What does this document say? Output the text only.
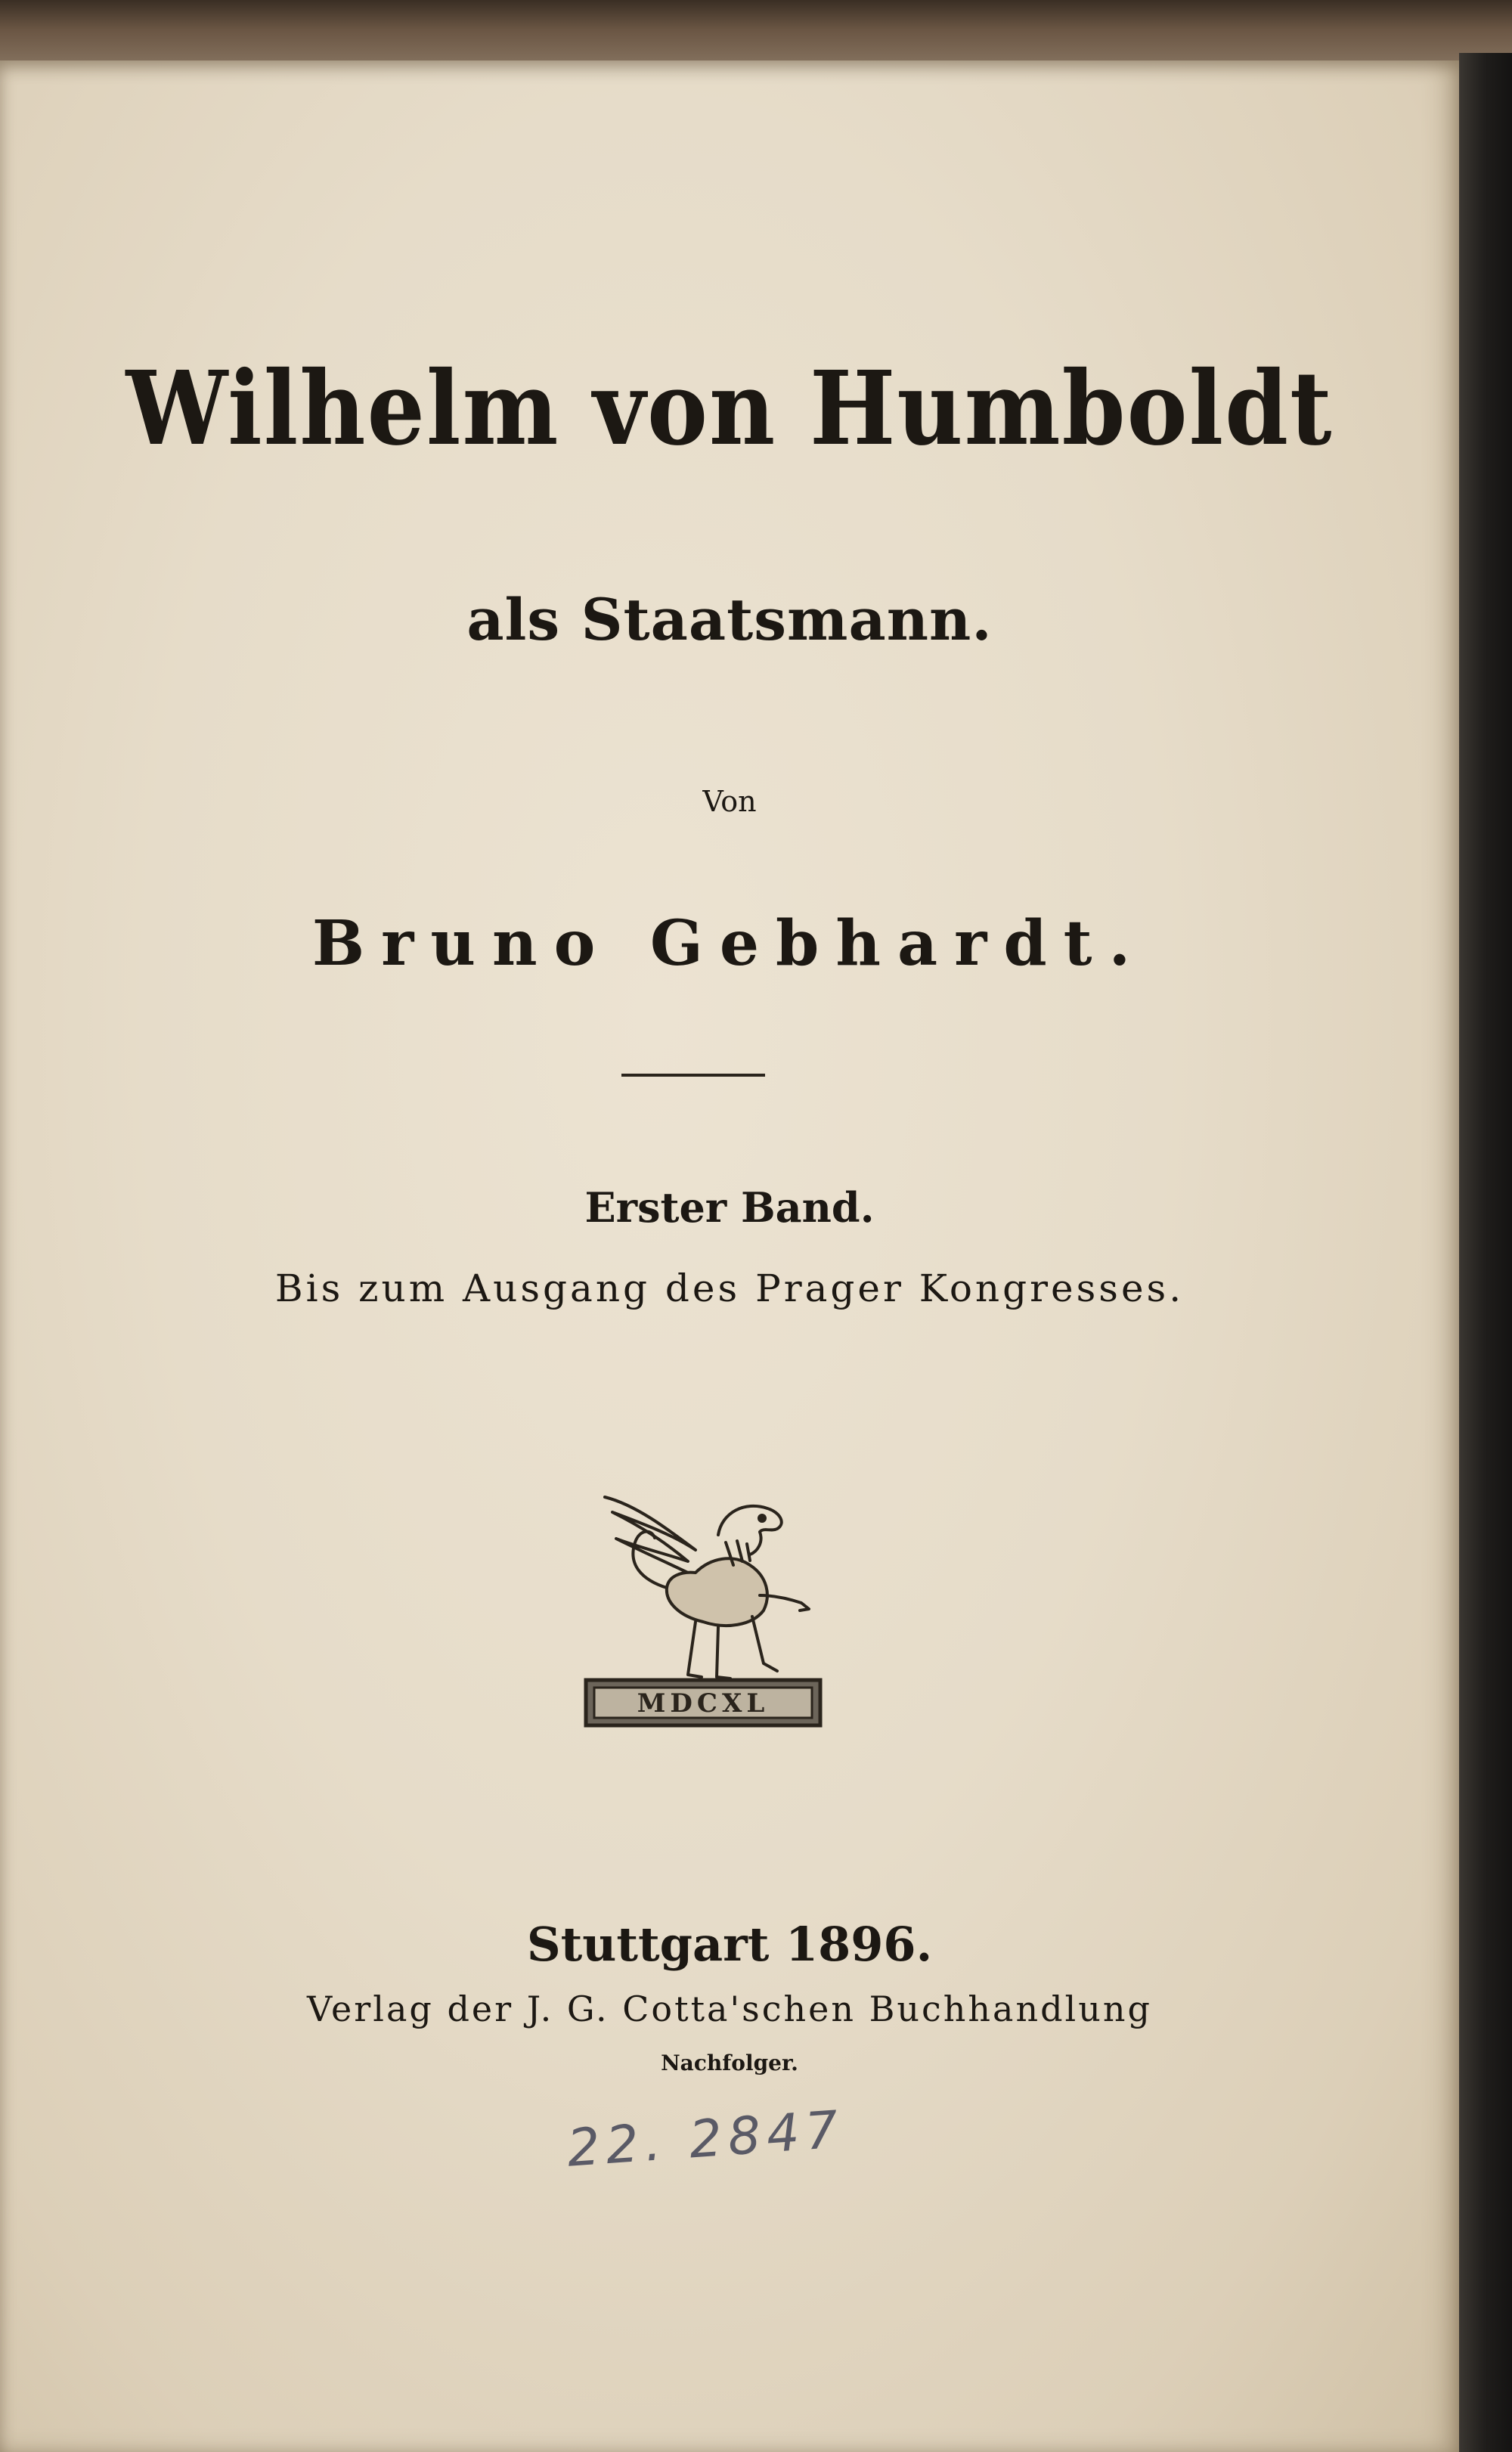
Wilhelm von Humboldt
als Staatsmann.
Von
Bruno Gebhardt.
Erster Band.
Bis zum Ausgang des Prager Kongresses.
MDCXL
Stuttgart 1896.
Verlag der J. G. Cotta'schen Buchhandlung
Nachfolger.
22. 2847
